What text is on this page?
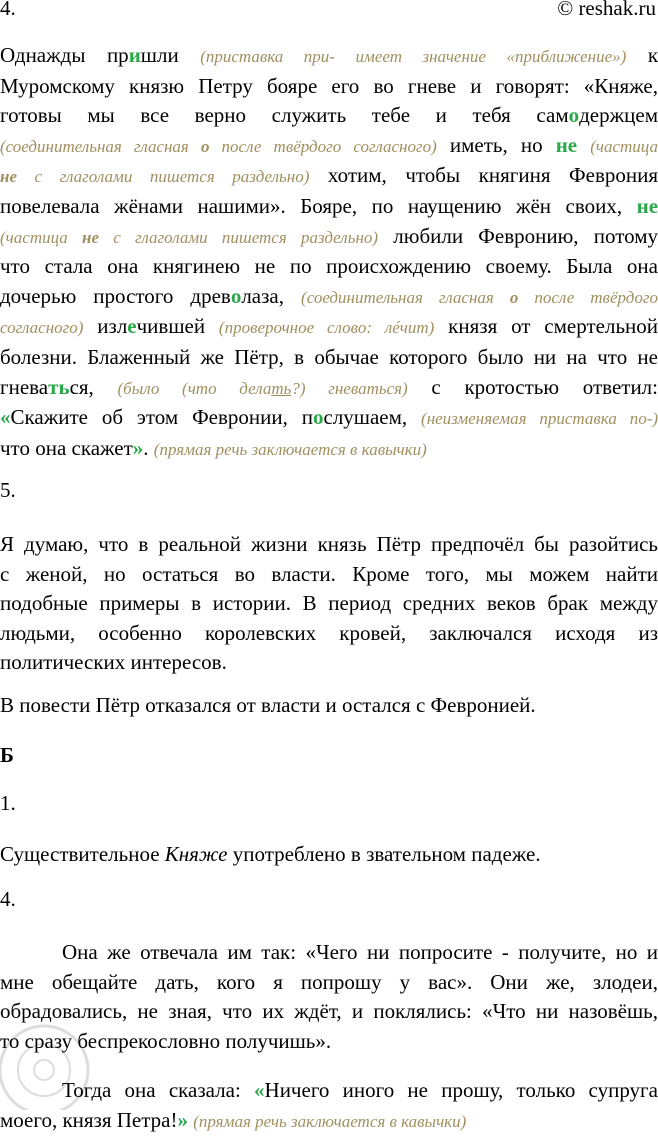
4.	© reshak.ru
Однажды пришли (приставка при- имеет значение «приближение») к
Муромскому князю Петру бояре его во гневе и говорят: «Княже,
готовы мы все верно служить тебе и тебя самодержцем
(соединительная гласная о после твёрдого согласного) иметь, но не (частица
не с глаголами пишется раздельно) хотим, чтобы княгиня Феврония
повелевала жёнами нашими». Бояре, по наущению жён своих, не
(частица не с глаголами пишется раздельно) любили Февронию, потому
что стала она княгинею не по происхождению своему. Была она
дочерью простого древолаза, (соединительная гласная о после твёрдого
согласного) излечившей (проверочное слово: лéчит) князя от смертельной
болезни. Блаженный же Пётр, в обычае которого было ни на что не
гневаться, (было (что делать?) гневаться) с кротостью ответил:
«Скажите об этом Февронии, послушаем, (неизменяемая приставка по-)
что она скажет». (прямая речь заключается в кавычки)
5.
Я думаю, что в реальной жизни князь Пётр предпочёл бы разойтись
с женой, но остаться во власти. Кроме того, мы можем найти
подобные примеры в истории. В период средних веков брак между
людьми, особенно королевских кровей, заключался исходя из
политических интересов.
В повести Пётр отказался от власти и остался с Февронией.
Б
1.
Существительное Княже употреблено в звательном падеже.
4.
Она же отвечала им так: «Чего ни попросите - получите, но и
мне обещайте дать, кого я попрошу у вас». Они же, злодеи,
обрадовались, не зная, что их ждёт, и поклялись: «Что ни назовёшь,
то сразу беспрекословно получишь».
Тогда она сказала: «Ничего иного не прошу, только супруга
моего, князя Петра!» (прямая речь заключается в кавычки)
